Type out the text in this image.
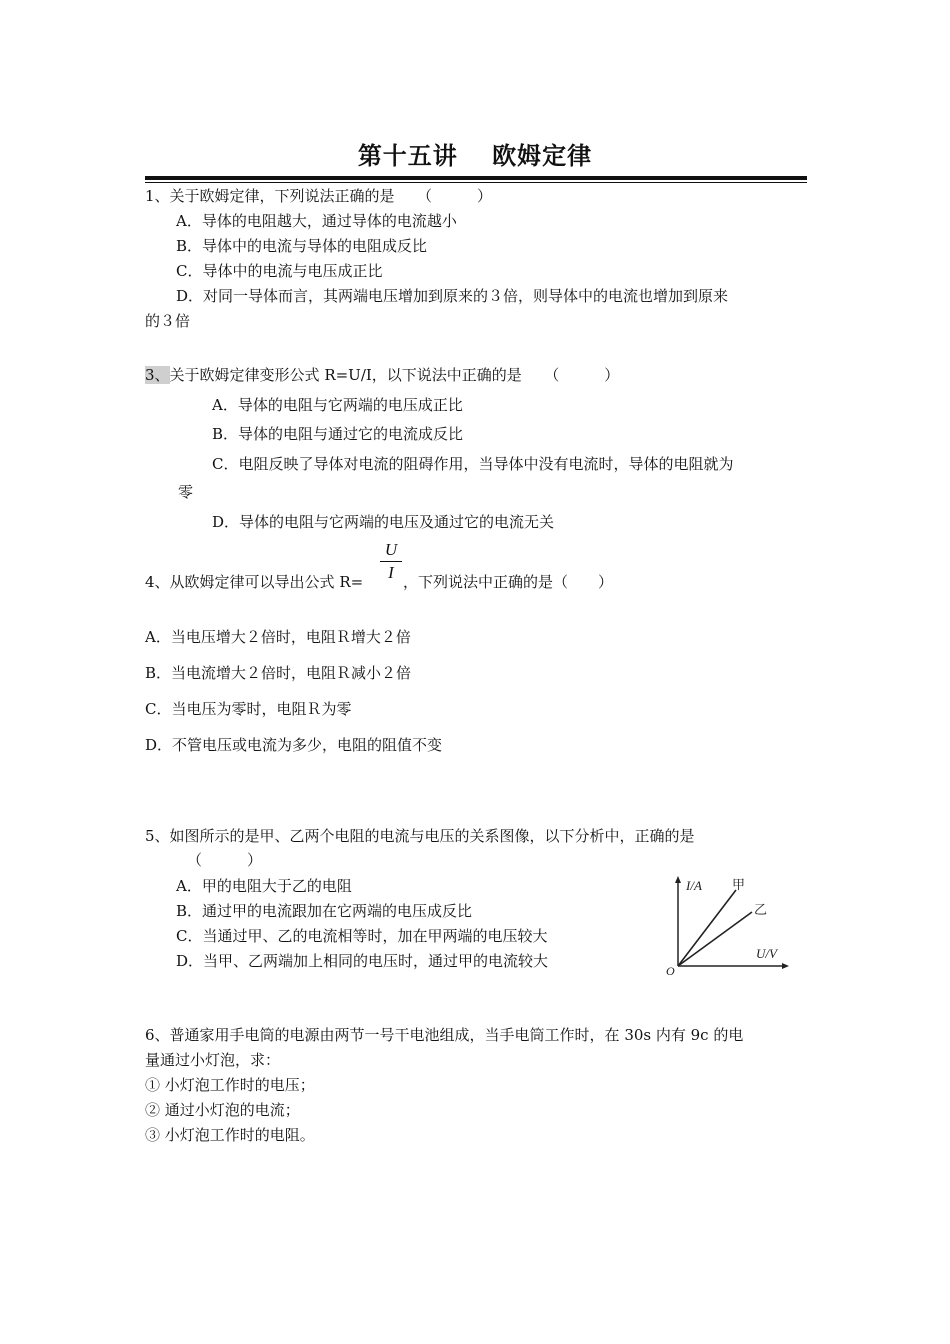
第十五讲　 欧姆定律
1、关于欧姆定律，下列说法正确的是　　（　　　）
A．导体的电阻越大，通过导体的电流越小
B．导体中的电流与导体的电阻成反比
C．导体中的电流与电压成正比
D．对同一导体而言，其两端电压增加到原来的３倍，则导体中的电流也增加到原来
的３倍
3、关于欧姆定律变形公式 R=U/I，以下说法中正确的是　　（　　　）
A．导体的电阻与它两端的电压成正比
B．导体的电阻与通过它的电流成反比
C．电阻反映了导体对电流的阻碍作用，当导体中没有电流时，导体的电阻就为
零
D．导体的电阻与它两端的电压及通过它的电流无关
4、从欧姆定律可以导出公式 R=
U
I ，下列说法中正确的是（　　）
A．当电压增大２倍时，电阻Ｒ增大２倍
B．当电流增大２倍时，电阻Ｒ减小２倍
C．当电压为零时，电阻Ｒ为零
D．不管电压或电流为多少，电阻的阻值不变
5、如图所示的是甲、乙两个电阻的电流与电压的关系图像，以下分析中，正确的是
（　　　）
A．甲的电阻大于乙的电阻
B．通过甲的电流跟加在它两端的电压成反比
C．当通过甲、乙的电流相等时，加在甲两端的电压较大
D．当甲、乙两端加上相同的电压时，通过甲的电流较大
I/A
U/V
O
甲
乙
6、普通家用手电筒的电源由两节一号干电池组成，当手电筒工作时，在 30s 内有 9c 的电
量通过小灯泡，求：
① 小灯泡工作时的电压；
② 通过小灯泡的电流；
③ 小灯泡工作时的电阻。
